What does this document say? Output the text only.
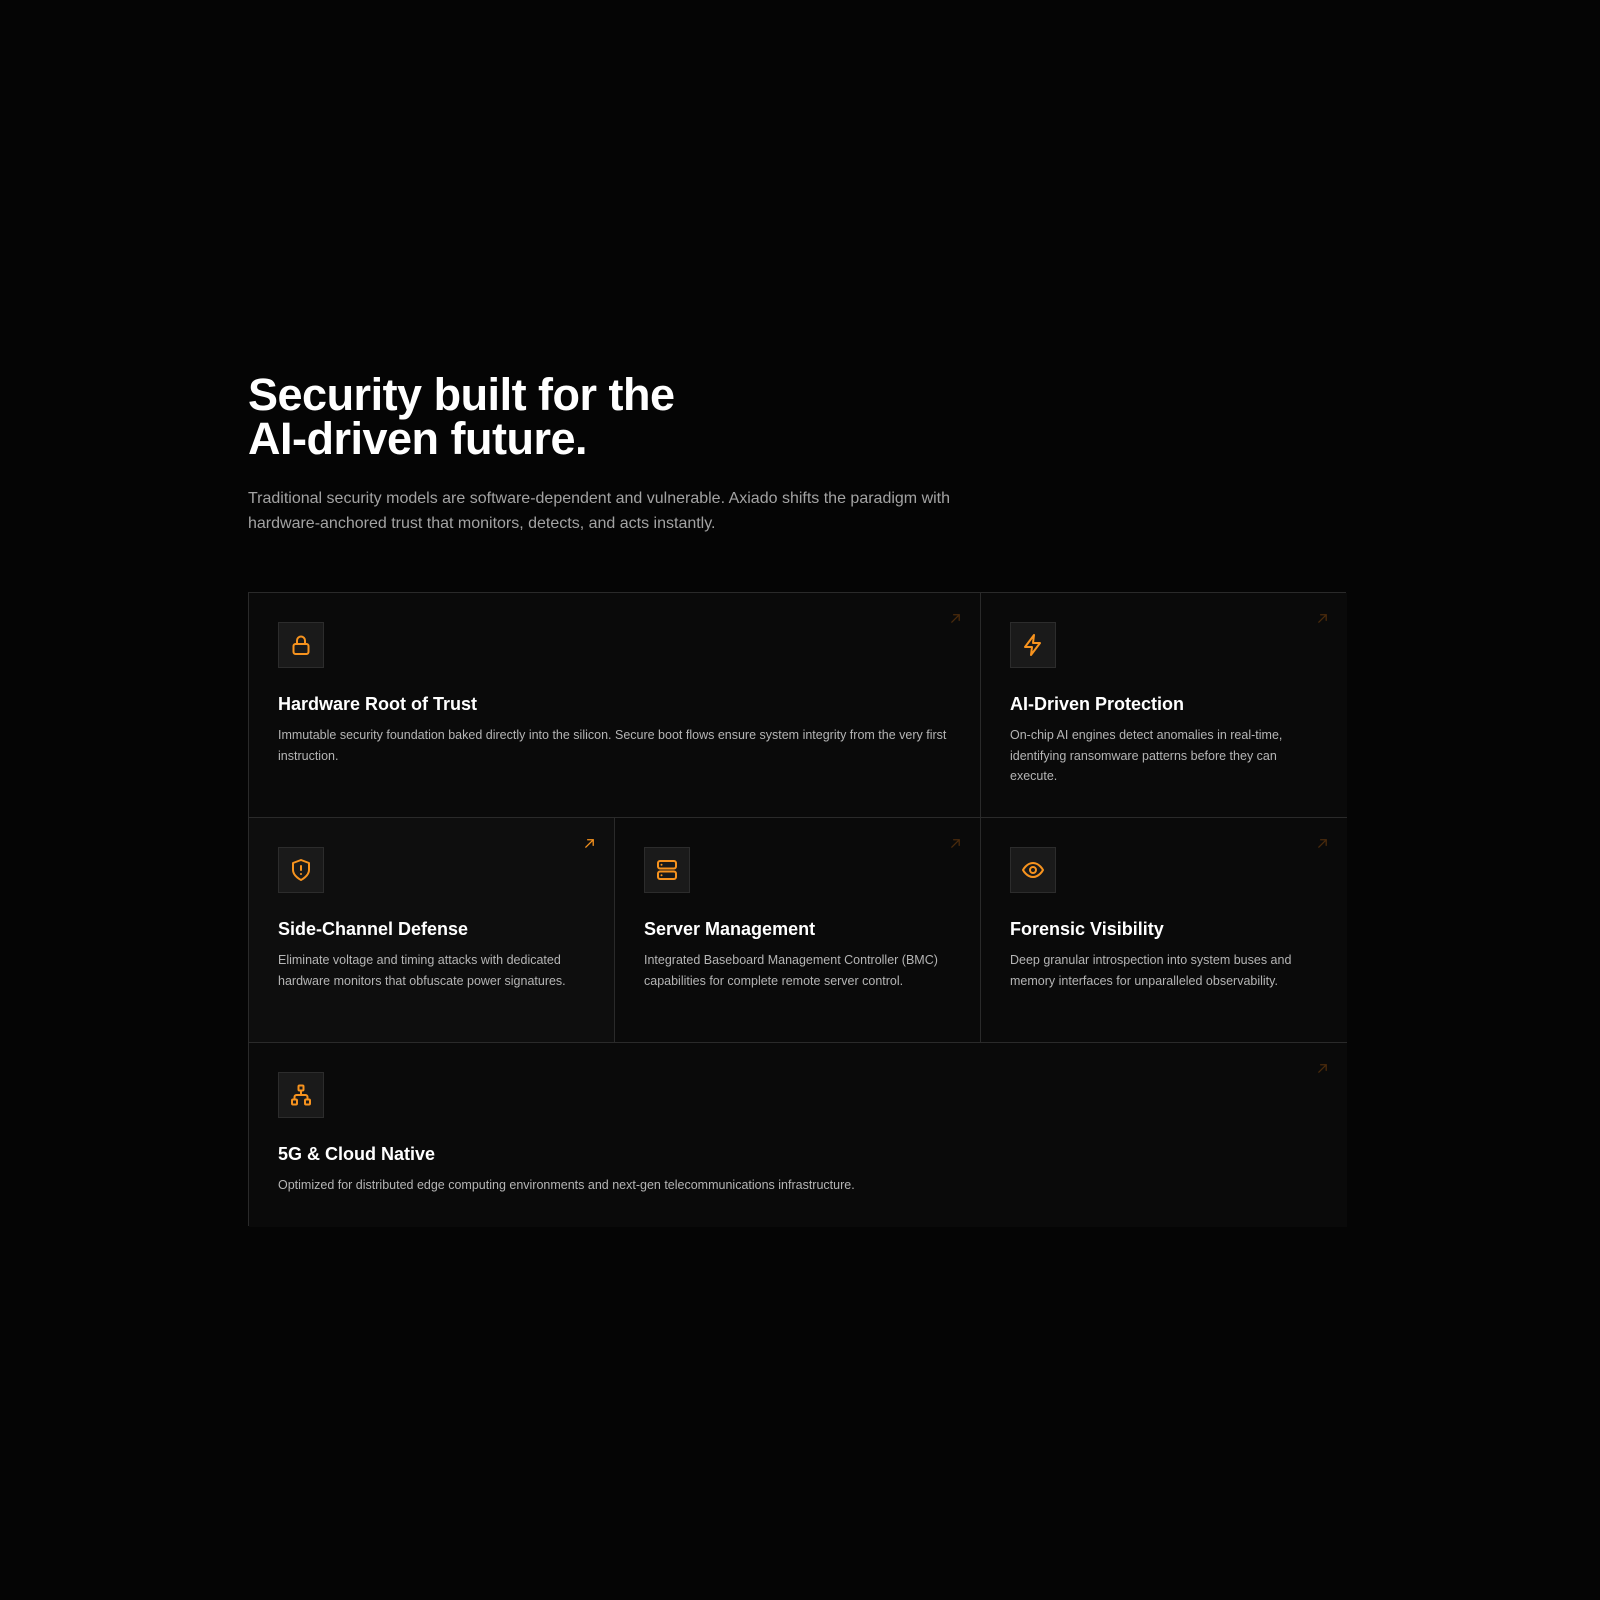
Security built for the
AI-driven future.

Traditional security models are software-dependent and vulnerable. Axiado shifts the paradigm with hardware-anchored trust that monitors, detects, and acts instantly.

Hardware Root of Trust

Immutable security foundation baked directly into the silicon. Secure boot flows ensure system integrity from the very first instruction.

AI-Driven Protection

On-chip AI engines detect anomalies in real-time, identifying ransomware patterns before they can execute.

Side-Channel Defense

Eliminate voltage and timing attacks with dedicated hardware monitors that obfuscate power signatures.

Server Management

Integrated Baseboard Management Controller (BMC) capabilities for complete remote server control.

Forensic Visibility

Deep granular introspection into system buses and memory interfaces for unparalleled observability.

5G & Cloud Native

Optimized for distributed edge computing environments and next-gen telecommunications infrastructure.
